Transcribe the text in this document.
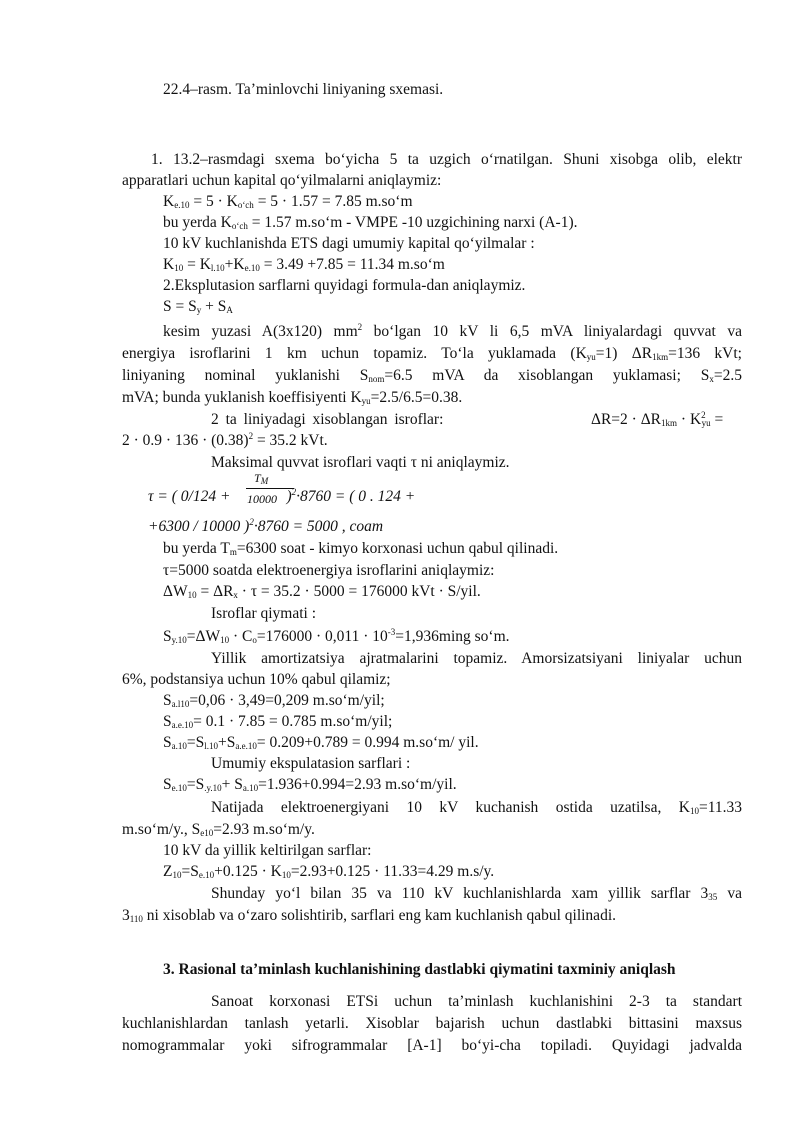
22.4–rasm. Ta’minlovchi liniyaning sxemasi.
1. 13.2–rasmdagi sxema bo‘yicha 5 ta uzgich o‘rnatilgan. Shuni xisobga olib, elektr
apparatlari uchun kapital qo‘yilmalarni aniqlaymiz:
$K_{e.10} = 5 \cdot K_{o‘ch} = 5 \cdot 1.57 = 7.85$ m.so‘m
bu yerda $K_{o‘ch} = 1.57$ m.so‘m - VMPE -10 uzgichining narxi (A-1).
10 kV kuchlanishda ETS dagi umumiy kapital qo‘yilmalar :
$K_{10} = K_{l.10}+K_{e.10} = 3.49 +7.85 = 11.34$ m.so‘m
2.Eksplutasion sarflarni quyidagi formula-dan aniqlaymiz.
$S = S_y + S_A$
kesim yuzasi A(3x120) $mm^2$ bo‘lgan 10 kV li 6,5 mVA liniyalardagi quvvat va
energiya isroflarini 1 km uchun topamiz. To‘la yuklamada $(K_{yu}=1)$ $\Delta R_{1km}=136$ kVt;
liniyaning nominal yuklanishi $S_{nom}=6.5$ mVA da xisoblangan yuklamasi; $S_x=2.5$
mVA; bunda yuklanish koeffisiyenti $K_{yu}=2.5/6.5=0.38$.
2 ta liniyadagi xisoblangan isroflar:	$\Delta R=2 \cdot \Delta R_{1km} \cdot K^2_{yu}$ =
$2 \cdot 0.9 \cdot 136 \cdot (0.38)^2 = 35.2$ kVt.
Maksimal quvvat isroflari vaqti τ ni aniqlaymiz.
τ = ( 0/124 +	)$^2$·8760 = ( 0 . 124 +
$T_M$
10000
+6300 / 10000 )$^2$·8760 = 5000 , coam
bu yerda $T_m=6300$ soat - kimyo korxonasi uchun qabul qilinadi.
τ=5000 soatda elektroenergiya isroflarini aniqlaymiz:
$\Delta W_{10} = \Delta R_x \cdot \tau = 35.2 \cdot 5000 = 176000$ kVt · S/yil.
Isroflar qiymati :
$S_{y.10}=\Delta W_{10} \cdot C_o=176000 \cdot 0,011 \cdot 10^{-3}=1,936\min g$ so‘m.
Yillik amortizatsiya ajratmalarini topamiz. Amorsizatsiyani liniyalar uchun
6%, podstansiya uchun 10% qabul qilamiz;
$S_{a.l10}=0,06 \cdot 3,49=0,209$ m.so‘m/yil;
$S_{a.e.10}= 0.1 \cdot 7.85 = 0.785$ m.so‘m/yil;
$S_{a.10}=S_{l.10}+S_{a.e.10}= 0.209+0.789 = 0.994$ m.so‘m/ yil.
Umumiy ekspulatasion sarflari :
$S_{e.10}=S_{.y.10}+ S_{a.10}=1.936+0.994=2.93$ m.so‘m/yil.
Natijada elektroenergiyani 10 kV kuchanish ostida uzatilsa, $K_{10}=11.33$
m.so‘m/y., $S_{e10}=2.93$ m.so‘m/y.
10 kV da yillik keltirilgan sarflar:
$Z_{10}=S_{e.10}+0.125 \cdot K_{10}=2.93+0.125 \cdot 11.33=4.29$ m.s/y.
Shunday yo‘l bilan 35 va 110 kV kuchlanishlarda xam yillik sarflar $3_{35}$ va
$3_{110}$ ni xisoblab va o‘zaro solishtirib, sarflari eng kam kuchlanish qabul qilinadi.
3. Rasional ta’minlash kuchlanishining dastlabki qiymatini taxminiy aniqlash
Sanoat korxonasi ETSi uchun ta’minlash kuchlanishini 2-3 ta standart
kuchlanishlardan tanlash yetarli. Xisoblar bajarish uchun dastlabki bittasini maxsus
nomogrammalar yoki sifrogrammalar [A-1] bo‘yi-cha topiladi. Quyidagi jadvalda
